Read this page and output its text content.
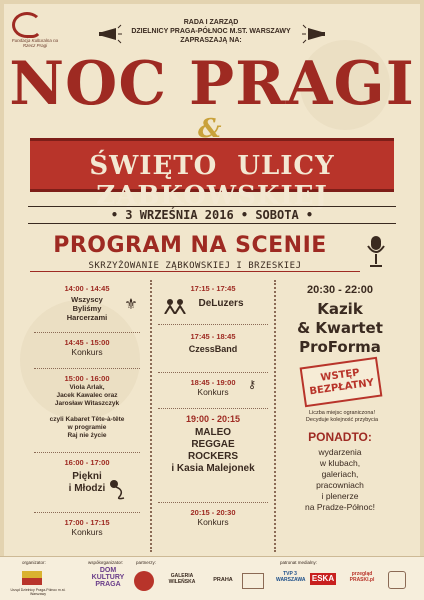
Fundacja Kulturalna na Rzecz Pragi
RADA I ZARZĄD
DZIELNICY PRAGA-PÓŁNOC M.ST. WARSZAWY
ZAPRASZAJĄ NA:
NOC PRAGI
ŚWIĘTO ULICY ZĄBKOWSKIEJ
&
• 3 WRZEŚNIA 2016 • SOBOTA •
PROGRAM NA SCENIE
SKRZYŻOWANIE ZĄBKOWSKIEJ I BRZESKIEJ
14:00 - 14:45
Wszyscy
Byliśmy
Harcerzami
⚜
14:45 - 15:00
Konkurs
15:00 - 16:00
Viola Arlak,
Jacek Kawalec oraz
Jarosław Witaszczyk

czyli Kabaret Tête-à-tête
w programie
Raj nie życie
16:00 - 17:00
Piękni
i Młodzi
17:00 - 17:15
Konkurs
17:15 - 17:45
DeLuzers
17:45 - 18:45
CzessBand
18:45 - 19:00
Konkurs
⚷
19:00 - 20:15
MALEO
REGGAE
ROCKERS
i Kasia Malejonek
20:15 - 20:30
Konkurs
20:30 - 22:00
Kazik
& Kwartet
ProForma
WSTĘP
BEZPŁATNY
Liczba miejsc ograniczona!
Decyduje kolejność przybycia
PONADTO:
wydarzenia
w klubach,
galeriach,
pracowniach
i plenerze
na Pradze-Północ!
organizator:	współorganizator:	partnerzy:	patronat medialny:
Urząd Dzielnicy Praga-Północ m.st. Warszawy
DOM
KULTURY
PRAGA
GALERIA
WILEŃSKA	PRAHA
TVP 3
WARSZAWA ESKA	przegląd
PRASKI.pl
